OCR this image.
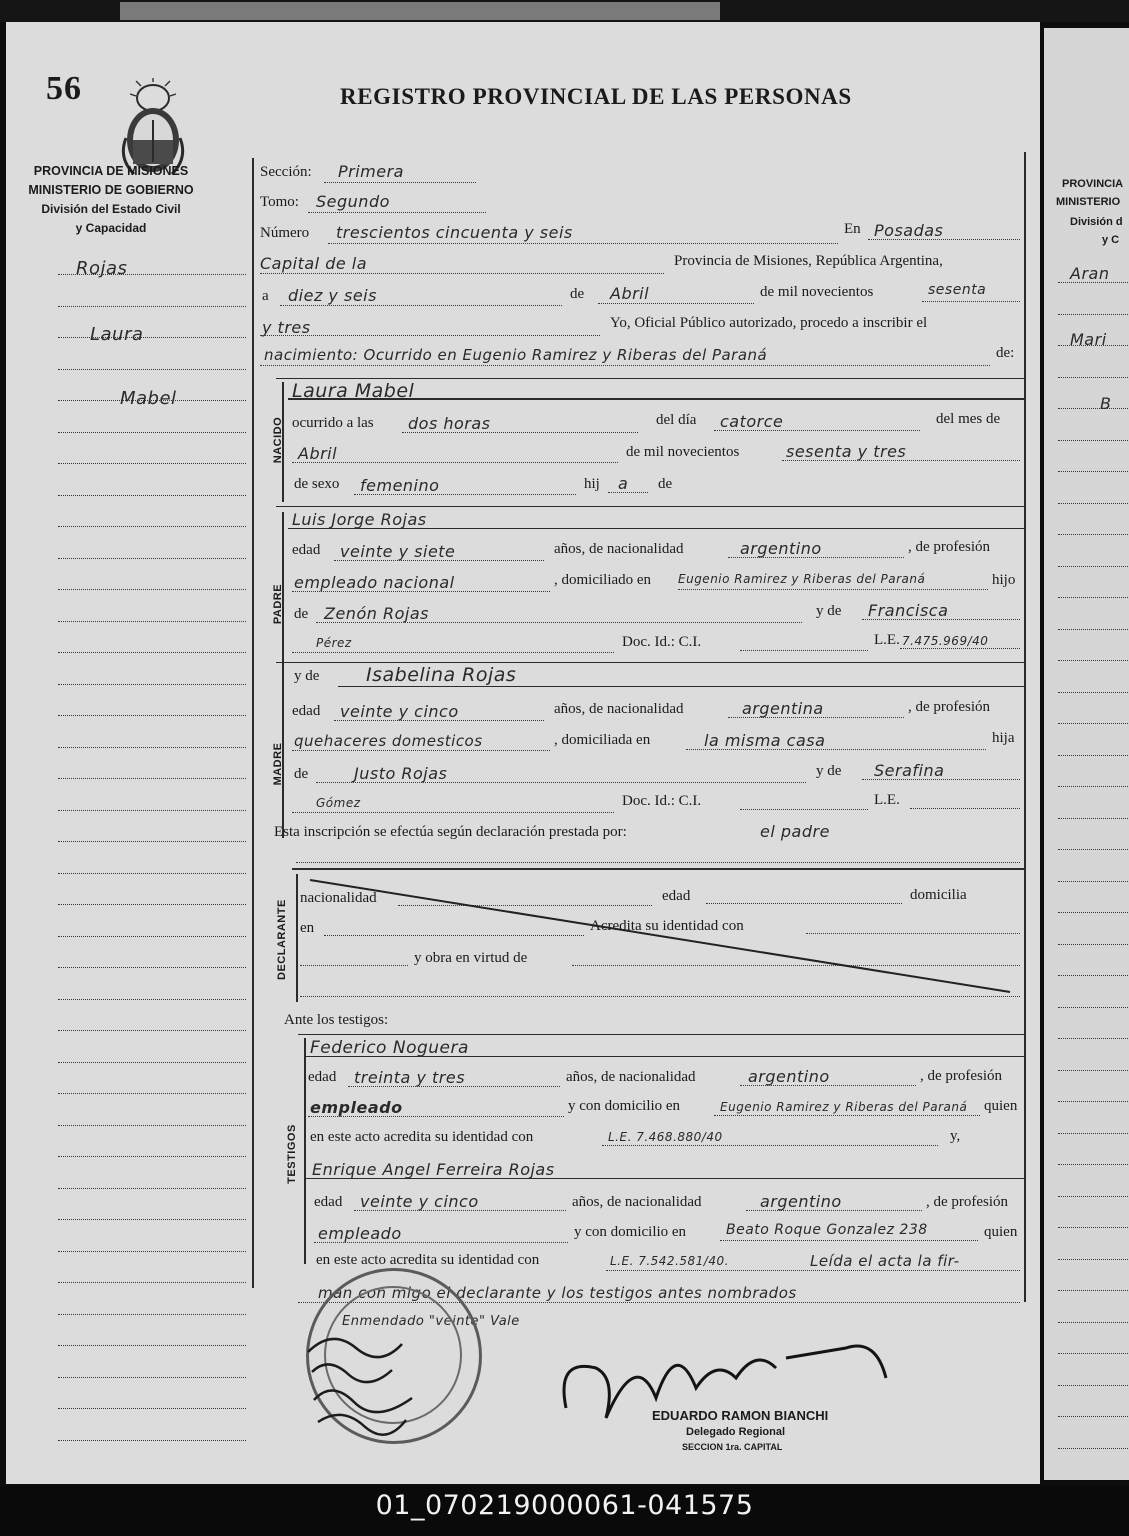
56	REGISTRO PROVINCIAL DE LAS PERSONAS
PROVINCIA DE MISIONES
MINISTERIO DE GOBIERNO
División del Estado Civil
y Capacidad
Rojas
Laura
Mabel
Sección: Primera
Tomo: Segundo
Número trescientos cincuenta y seis	En Posadas
Capital de la	Provincia de Misiones, República Argentina,
a diez y seis	de Abril	de mil novecientos	sesenta
y tres	Yo, Oficial Público autorizado, procedo a inscribir el
nacimiento: Ocurrido en Eugenio Ramirez y Riberas del Paraná	de:
NACIDO
Laura Mabel
ocurrido a las dos horas	del día catorce	del mes de
Abril	de mil novecientos	sesenta y tres
de sexo femenino	hij a de
PADRE
Luis Jorge Rojas
edad veinte y siete	años, de nacionalidad	argentino	, de profesión
empleado nacional	, domiciliado en Eugenio Ramirez y Riberas del Paraná	hijo
de Zenón Rojas	y de Francisca
Pérez	Doc. Id.: C.I.	L.E. 7.475.969/40
MADRE
y de Isabelina Rojas
edad veinte y cinco	años, de nacionalidad	argentina	, de profesión
quehaceres domesticos	, domiciliada en	la misma casa	hija
de	Justo Rojas	y de Serafina
Gómez	Doc. Id.: C.I.	L.E.
Esta inscripción se efectúa según declaración prestada por:	el padre
DECLARANTE
nacionalidad	edad	domicilia
en	Acredita su identidad con
y obra en virtud de
Ante los testigos:
TESTIGOS
Federico Noguera
edad treinta y tres	años, de nacionalidad	argentino	, de profesión
empleado	y con domicilio en	Eugenio Ramirez y Riberas del Paraná quien
en este acto acredita su identidad con	L.E. 7.468.880/40	y,
Enrique Angel Ferreira Rojas
edad veinte y cinco	años, de nacionalidad	argentino	, de profesión
empleado	y con domicilio en	Beato Roque Gonzalez 238	quien
en este acto acredita su identidad con	L.E. 7.542.581/40.	Leída el acta la fir-
man con migo el declarante y los testigos antes nombrados
Enmendado "veinte" Vale
EDUARDO RAMON BIANCHI
Delegado Regional
SECCION 1ra. CAPITAL
PROVINCIA
MINISTERIO
División d
y C
Aran
Mari
B
01_070219000061-041575
